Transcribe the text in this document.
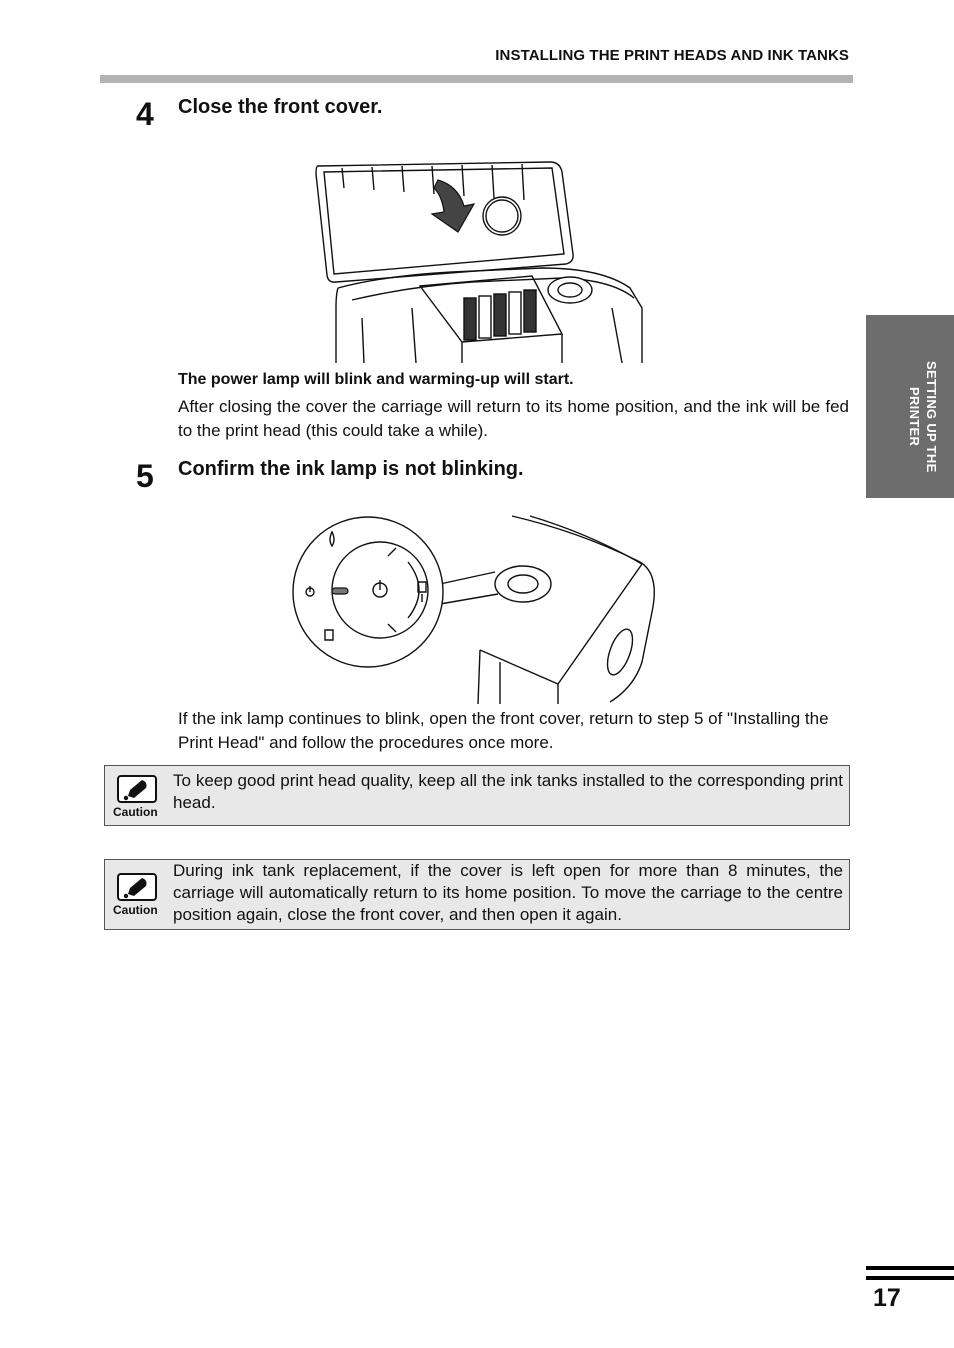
INSTALLING THE PRINT HEADS AND INK TANKS
SETTING UP THE PRINTER
4 Close the front cover.
The power lamp will blink and warming-up will start.
After closing the cover the carriage will return to its home position, and the ink will be fed to the print head (this could take a while).
5 Confirm the ink lamp is not blinking.
If the ink lamp continues to blink, open the front cover, return to step 5 of "Installing the Print Head" and follow the procedures once more.
Caution
To keep good print head quality, keep all the ink tanks installed to the corresponding print head.
Caution
During ink tank replacement, if the cover is left open for more than 8 minutes, the carriage will automatically return to its home position. To move the carriage to the centre position again, close the front cover, and then open it again.
17
